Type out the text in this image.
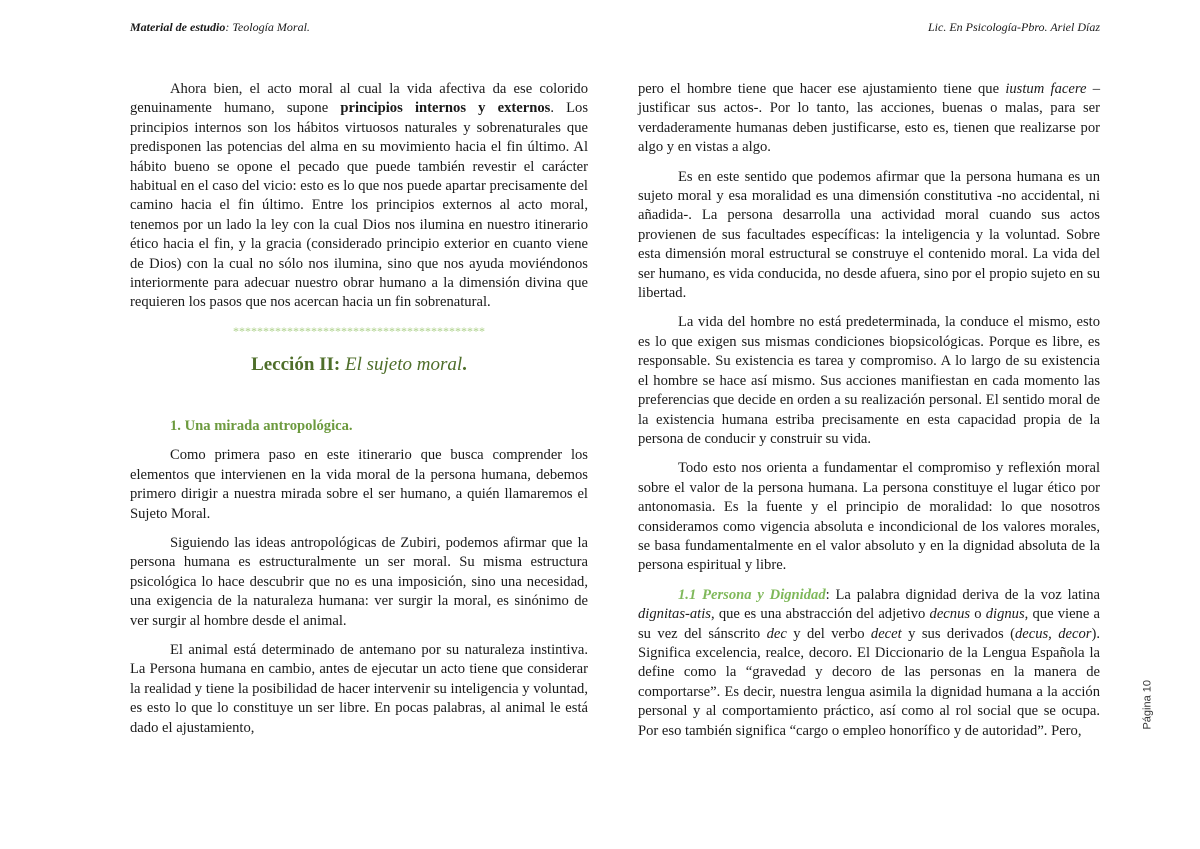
Material de estudio: Teología Moral.	Lic. En Psicología-Pbro. Ariel Díaz

Ahora bien, el acto moral al cual la vida afectiva da ese colorido genuinamente humano, supone principios internos y externos. Los principios internos son los hábitos virtuosos naturales y sobrenaturales que predisponen las potencias del alma en su movimiento hacia el fin último. Al hábito bueno se opone el pecado que puede también revestir el carácter habitual en el caso del vicio: esto es lo que nos puede apartar precisamente del camino hacia el fin último. Entre los principios externos al acto moral, tenemos por un lado la ley con la cual Dios nos ilumina en nuestro itinerario ético hacia el fin, y la gracia (considerado principio exterior en cuanto viene de Dios) con la cual no sólo nos ilumina, sino que nos ayuda moviéndonos interiormente para adecuar nuestro obrar humano a la dimensión divina que requieren los pasos que nos acercan hacia un fin sobrenatural.

******************************************
Lección II: El sujeto moral.
1. Una mirada antropológica.

Como primera paso en este itinerario que busca comprender los elementos que intervienen en la vida moral de la persona humana, debemos primero dirigir a nuestra mirada sobre el ser humano, a quién llamaremos el Sujeto Moral.

Siguiendo las ideas antropológicas de Zubiri, podemos afirmar que la persona humana es estructuralmente un ser moral. Su misma estructura psicológica lo hace descubrir que no es una imposición, sino una necesidad, una exigencia de la naturaleza humana: ver surgir la moral, es sinónimo de ver surgir al hombre desde el animal.

El animal está determinado de antemano por su naturaleza instintiva. La Persona humana en cambio, antes de ejecutar un acto tiene que considerar la realidad y tiene la posibilidad de hacer intervenir su inteligencia y voluntad, es esto lo que lo constituye un ser libre. En pocas palabras, al animal le está dado el ajustamiento,

pero el hombre tiene que hacer ese ajustamiento tiene que iustum facere –justificar sus actos-. Por lo tanto, las acciones, buenas o malas, para ser verdaderamente humanas deben justificarse, esto es, tienen que realizarse por algo y en vistas a algo.

Es en este sentido que podemos afirmar que la persona humana es un sujeto moral y esa moralidad es una dimensión constitutiva -no accidental, ni añadida-. La persona desarrolla una actividad moral cuando sus actos provienen de sus facultades específicas: la inteligencia y la voluntad. Sobre esta dimensión moral estructural se construye el contenido moral. La vida del ser humano, es vida conducida, no desde afuera, sino por el propio sujeto en su libertad.

La vida del hombre no está predeterminada, la conduce el mismo, esto es lo que exigen sus mismas condiciones biopsicológicas. Porque es libre, es responsable. Su existencia es tarea y compromiso. A lo largo de su existencia el hombre se hace así mismo. Sus acciones manifiestan en cada momento las preferencias que decide en orden a su realización personal. El sentido moral de la existencia humana estriba precisamente en esta capacidad propia de la persona de conducir y construir su vida.

Todo esto nos orienta a fundamentar el compromiso y reflexión moral sobre el valor de la persona humana. La persona constituye el lugar ético por antonomasia. Es la fuente y el principio de moralidad: lo que nosotros consideramos como vigencia absoluta e incondicional de los valores morales, se basa fundamentalmente en el valor absoluto y en la dignidad absoluta de la persona espiritual y libre.

1.1 Persona y Dignidad: La palabra dignidad deriva de la voz latina dignitas-atis, que es una abstracción del adjetivo decnus o dignus, que viene a su vez del sánscrito dec y del verbo decet y sus derivados (decus, decor). Significa excelencia, realce, decoro. El Diccionario de la Lengua Española la define como la “gravedad y decoro de las personas en la manera de comportarse”. Es decir, nuestra lengua asimila la dignidad humana a la acción personal y al comportamiento práctico, así como al rol social que se ocupa. Por eso también significa “cargo o empleo honorífico y de autoridad”. Pero,

Página 10
